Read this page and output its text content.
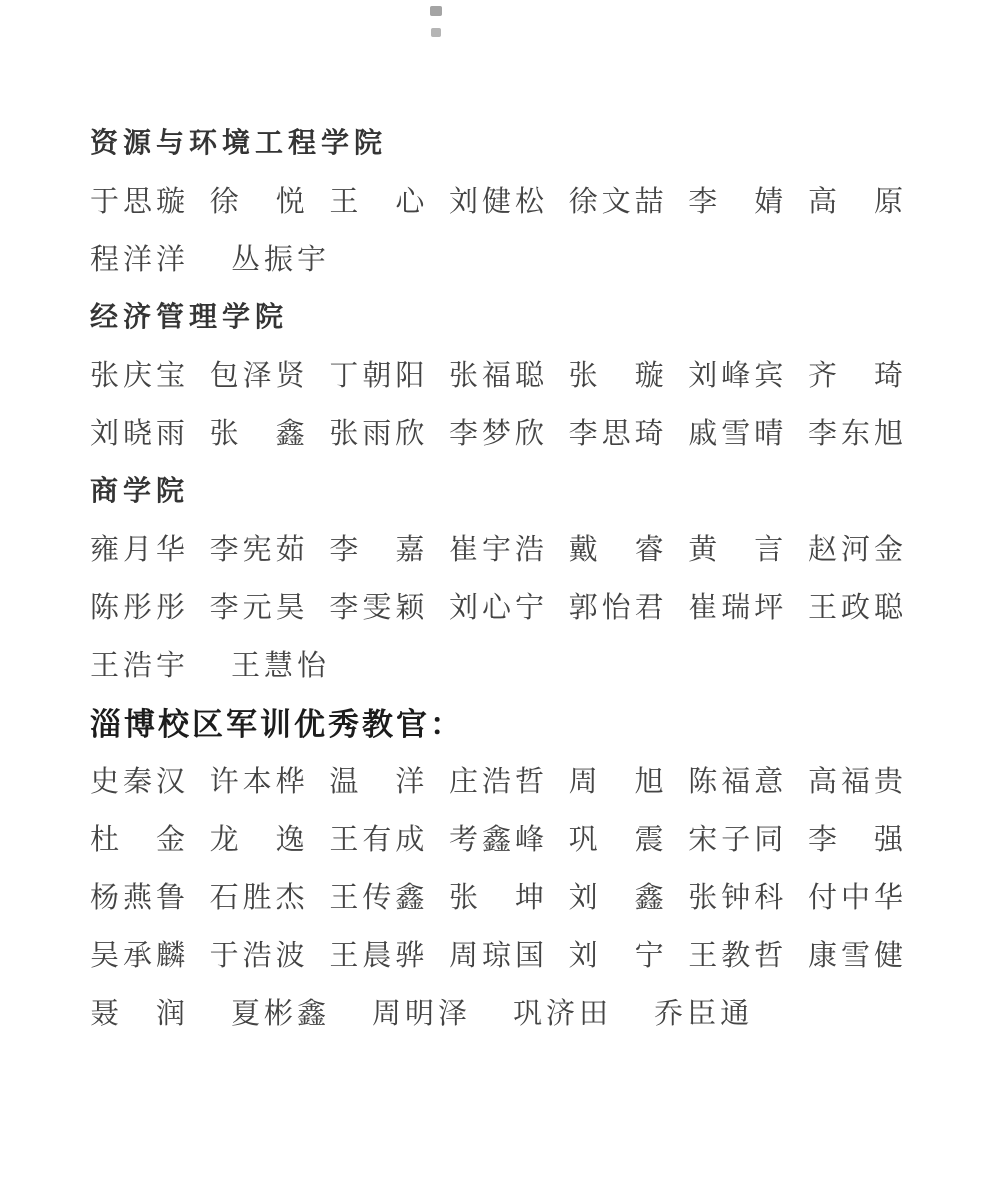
资源与环境工程学院
于思璇 徐　悦 王　心 刘健松 徐文喆 李　婧 高　原
程洋洋 丛振宇
经济管理学院
张庆宝 包泽贤 丁朝阳 张福聪 张　璇 刘峰宾 齐　琦
刘晓雨 张　鑫 张雨欣 李梦欣 李思琦 戚雪晴 李东旭
商学院
雍月华 李宪茹 李　嘉 崔宇浩 戴　睿 黄　言 赵河金
陈彤彤 李元昊 李雯颖 刘心宁 郭怡君 崔瑞坪 王政聪
王浩宇 王慧怡
淄博校区军训优秀教官：
史秦汉 许本桦 温　洋 庄浩哲 周　旭 陈福意 高福贵
杜　金 龙　逸 王有成 考鑫峰 巩　震 宋子同 李　强
杨燕鲁 石胜杰 王传鑫 张　坤 刘　鑫 张钟科 付中华
吴承麟 于浩波 王晨骅 周琼国 刘　宁 王教哲 康雪健
聂　润 夏彬鑫 周明泽 巩济田 乔臣通
